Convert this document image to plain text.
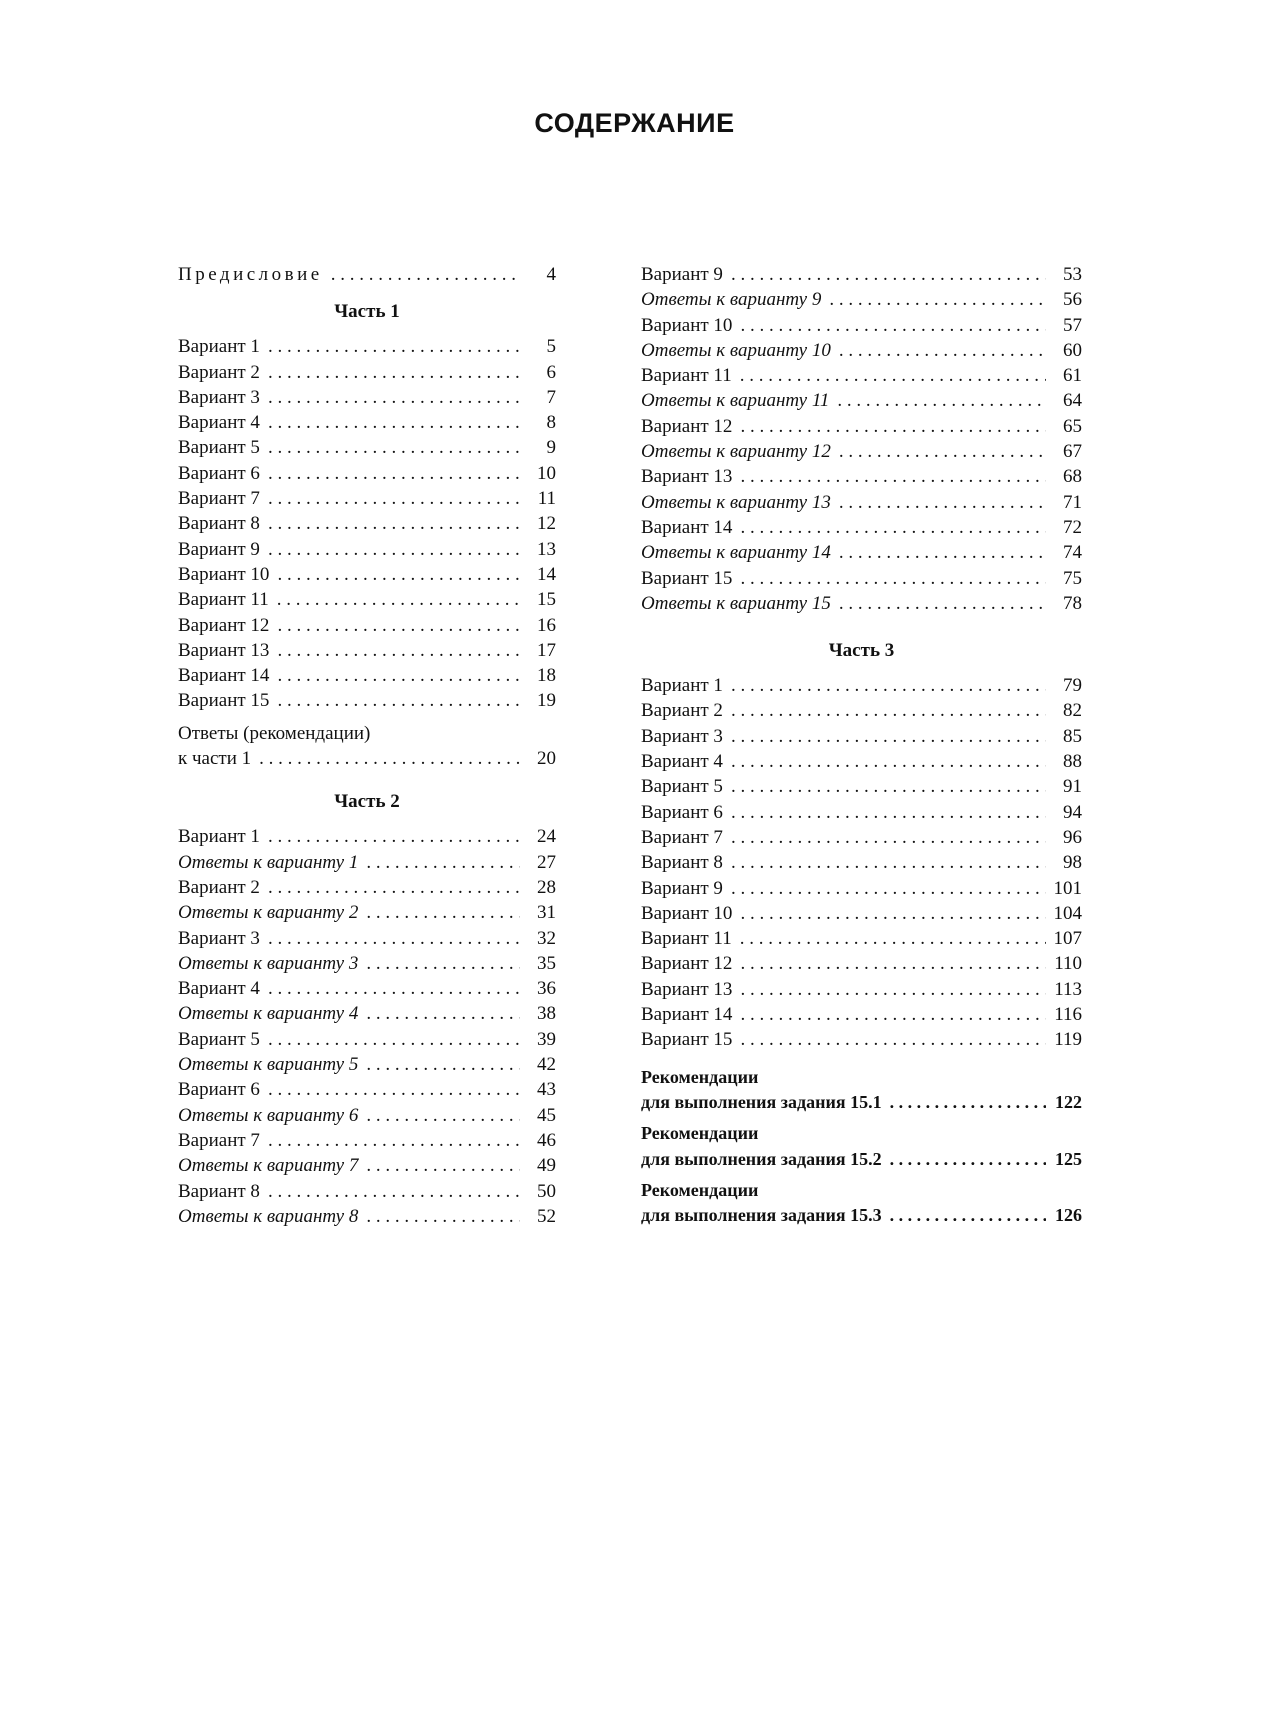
СОДЕРЖАНИЕ
Предисловие . . .	4
Часть 1
Вариант 1 . . .	5
Вариант 2 . . .	6
Вариант 3 . . .	7
Вариант 4 . . .	8
Вариант 5 . . .	9
Вариант 6 . . .	10
Вариант 7 . . .	11
Вариант 8 . . .	12
Вариант 9 . . .	13
Вариант 10 . . .	14
Вариант 11 . . .	15
Вариант 12 . . .	16
Вариант 13 . . .	17
Вариант 14 . . .	18
Вариант 15 . . .	19
Ответы (рекомендации)
к части 1 . . .	20
Часть 2
Вариант 1 . . .	24
Ответы к варианту 1 . . .	27
Вариант 2 . . .	28
Ответы к варианту 2 . . .	31
Вариант 3 . . .	32
Ответы к варианту 3 . . .	35
Вариант 4 . . .	36
Ответы к варианту 4 . . .	38
Вариант 5 . . .	39
Ответы к варианту 5 . . .	42
Вариант 6 . . .	43
Ответы к варианту 6 . . .	45
Вариант 7 . . .	46
Ответы к варианту 7 . . .	49
Вариант 8 . . .	50
Ответы к варианту 8 . . .	52
Вариант 9 . . .	53
Ответы к варианту 9 . . .	56
Вариант 10 . . .	57
Ответы к варианту 10 . . .	60
Вариант 11 . . .	61
Ответы к варианту 11 . . .	64
Вариант 12 . . .	65
Ответы к варианту 12 . . .	67
Вариант 13 . . .	68
Ответы к варианту 13 . . .	71
Вариант 14 . . .	72
Ответы к варианту 14 . . .	74
Вариант 15 . . .	75
Ответы к варианту 15 . . .	78
Часть 3
Вариант 1 . . .	79
Вариант 2 . . .	82
Вариант 3 . . .	85
Вариант 4 . . .	88
Вариант 5 . . .	91
Вариант 6 . . .	94
Вариант 7 . . .	96
Вариант 8 . . .	98
Вариант 9 . . .	101
Вариант 10 . . .	104
Вариант 11 . . .	107
Вариант 12 . . .	110
Вариант 13 . . .	113
Вариант 14 . . .	116
Вариант 15 . . .	119
Рекомендации
для выполнения задания 15.1 . . .	122
Рекомендации
для выполнения задания 15.2 . . .	125
Рекомендации
для выполнения задания 15.3 . . .	126
